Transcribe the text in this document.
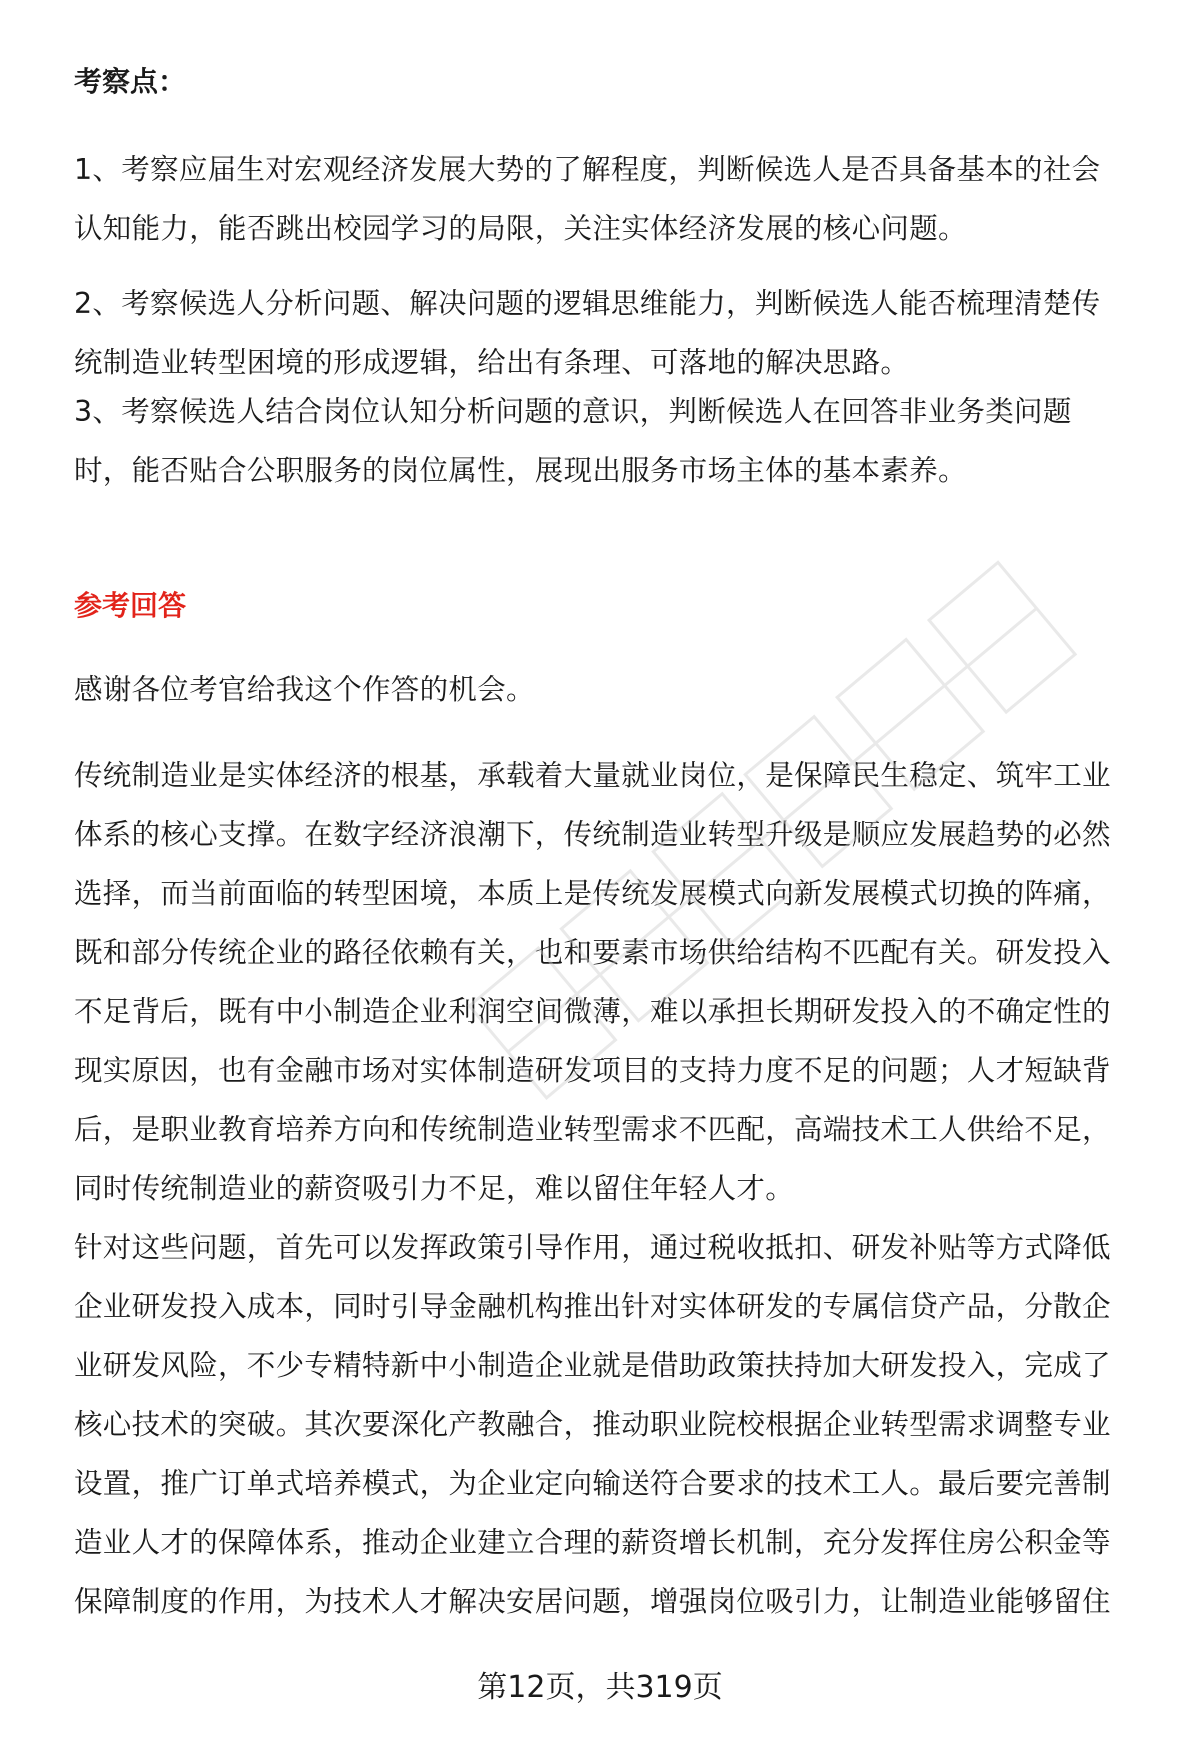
考察点：
1、考察应届生对宏观经济发展大势的了解程度，判断候选人是否具备基本的社会
认知能力，能否跳出校园学习的局限，关注实体经济发展的核心问题。
2、考察候选人分析问题、解决问题的逻辑思维能力，判断候选人能否梳理清楚传
统制造业转型困境的形成逻辑，给出有条理、可落地的解决思路。
3、考察候选人结合岗位认知分析问题的意识，判断候选人在回答非业务类问题
时，能否贴合公职服务的岗位属性，展现出服务市场主体的基本素养。
参考回答
感谢各位考官给我这个作答的机会。
传统制造业是实体经济的根基，承载着大量就业岗位，是保障民生稳定、筑牢工业
体系的核心支撑。在数字经济浪潮下，传统制造业转型升级是顺应发展趋势的必然
选择，而当前面临的转型困境，本质上是传统发展模式向新发展模式切换的阵痛，
既和部分传统企业的路径依赖有关，也和要素市场供给结构不匹配有关。研发投入
不足背后，既有中小制造企业利润空间微薄，难以承担长期研发投入的不确定性的
现实原因，也有金融市场对实体制造研发项目的支持力度不足的问题；人才短缺背
后，是职业教育培养方向和传统制造业转型需求不匹配，高端技术工人供给不足，
同时传统制造业的薪资吸引力不足，难以留住年轻人才。
针对这些问题，首先可以发挥政策引导作用，通过税收抵扣、研发补贴等方式降低
企业研发投入成本，同时引导金融机构推出针对实体研发的专属信贷产品，分散企
业研发风险，不少专精特新中小制造企业就是借助政策扶持加大研发投入，完成了
核心技术的突破。其次要深化产教融合，推动职业院校根据企业转型需求调整专业
设置，推广订单式培养模式，为企业定向输送符合要求的技术工人。最后要完善制
造业人才的保障体系，推动企业建立合理的薪资增长机制，充分发挥住房公积金等
保障制度的作用，为技术人才解决安居问题，增强岗位吸引力，让制造业能够留住
第12页，共319页
